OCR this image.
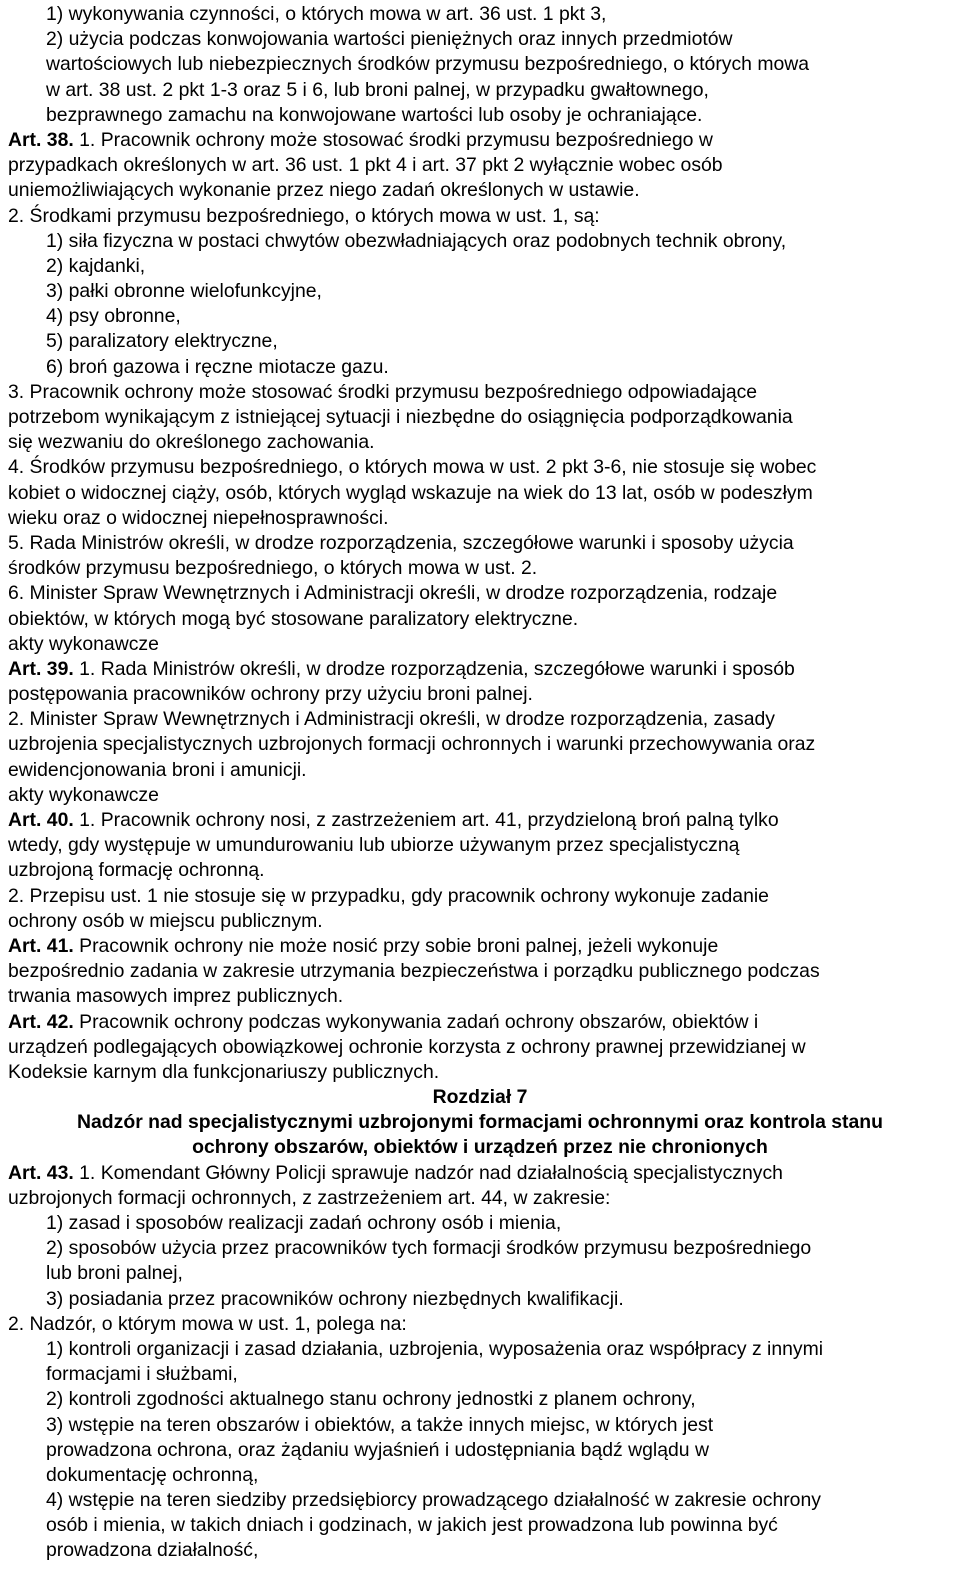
1) wykonywania czynności, o których mowa w art. 36 ust. 1 pkt 3,
2) użycia podczas konwojowania wartości pieniężnych oraz innych przedmiotów
wartościowych lub niebezpiecznych środków przymusu bezpośredniego, o których mowa
w art. 38 ust. 2 pkt 1-3 oraz 5 i 6, lub broni palnej, w przypadku gwałtownego,
bezprawnego zamachu na konwojowane wartości lub osoby je ochraniające.
Art. 38. 1. Pracownik ochrony może stosować środki przymusu bezpośredniego w
przypadkach określonych w art. 36 ust. 1 pkt 4 i art. 37 pkt 2 wyłącznie wobec osób
uniemożliwiających wykonanie przez niego zadań określonych w ustawie.
2. Środkami przymusu bezpośredniego, o których mowa w ust. 1, są:
1) siła fizyczna w postaci chwytów obezwładniających oraz podobnych technik obrony,
2) kajdanki,
3) pałki obronne wielofunkcyjne,
4) psy obronne,
5) paralizatory elektryczne,
6) broń gazowa i ręczne miotacze gazu.
3. Pracownik ochrony może stosować środki przymusu bezpośredniego odpowiadające
potrzebom wynikającym z istniejącej sytuacji i niezbędne do osiągnięcia podporządkowania
się wezwaniu do określonego zachowania.
4. Środków przymusu bezpośredniego, o których mowa w ust. 2 pkt 3-6, nie stosuje się wobec
kobiet o widocznej ciąży, osób, których wygląd wskazuje na wiek do 13 lat, osób w podeszłym
wieku oraz o widocznej niepełnosprawności.
5. Rada Ministrów określi, w drodze rozporządzenia, szczegółowe warunki i sposoby użycia
środków przymusu bezpośredniego, o których mowa w ust. 2.
6. Minister Spraw Wewnętrznych i Administracji określi, w drodze rozporządzenia, rodzaje
obiektów, w których mogą być stosowane paralizatory elektryczne.
akty wykonawcze
Art. 39. 1. Rada Ministrów określi, w drodze rozporządzenia, szczegółowe warunki i sposób
postępowania pracowników ochrony przy użyciu broni palnej.
2. Minister Spraw Wewnętrznych i Administracji określi, w drodze rozporządzenia, zasady
uzbrojenia specjalistycznych uzbrojonych formacji ochronnych i warunki przechowywania oraz
ewidencjonowania broni i amunicji.
akty wykonawcze
Art. 40. 1. Pracownik ochrony nosi, z zastrzeżeniem art. 41, przydzieloną broń palną tylko
wtedy, gdy występuje w umundurowaniu lub ubiorze używanym przez specjalistyczną
uzbrojoną formację ochronną.
2. Przepisu ust. 1 nie stosuje się w przypadku, gdy pracownik ochrony wykonuje zadanie
ochrony osób w miejscu publicznym.
Art. 41. Pracownik ochrony nie może nosić przy sobie broni palnej, jeżeli wykonuje
bezpośrednio zadania w zakresie utrzymania bezpieczeństwa i porządku publicznego podczas
trwania masowych imprez publicznych.
Art. 42. Pracownik ochrony podczas wykonywania zadań ochrony obszarów, obiektów i
urządzeń podlegających obowiązkowej ochronie korzysta z ochrony prawnej przewidzianej w
Kodeksie karnym dla funkcjonariuszy publicznych.
Rozdział 7
Nadzór nad specjalistycznymi uzbrojonymi formacjami ochronnymi oraz kontrola stanu
ochrony obszarów, obiektów i urządzeń przez nie chronionych
Art. 43. 1. Komendant Główny Policji sprawuje nadzór nad działalnością specjalistycznych
uzbrojonych formacji ochronnych, z zastrzeżeniem art. 44, w zakresie:
1) zasad i sposobów realizacji zadań ochrony osób i mienia,
2) sposobów użycia przez pracowników tych formacji środków przymusu bezpośredniego
lub broni palnej,
3) posiadania przez pracowników ochrony niezbędnych kwalifikacji.
2. Nadzór, o którym mowa w ust. 1, polega na:
1) kontroli organizacji i zasad działania, uzbrojenia, wyposażenia oraz współpracy z innymi
formacjami i służbami,
2) kontroli zgodności aktualnego stanu ochrony jednostki z planem ochrony,
3) wstępie na teren obszarów i obiektów, a także innych miejsc, w których jest
prowadzona ochrona, oraz żądaniu wyjaśnień i udostępniania bądź wglądu w
dokumentację ochronną,
4) wstępie na teren siedziby przedsiębiorcy prowadzącego działalność w zakresie ochrony
osób i mienia, w takich dniach i godzinach, w jakich jest prowadzona lub powinna być
prowadzona działalność,
